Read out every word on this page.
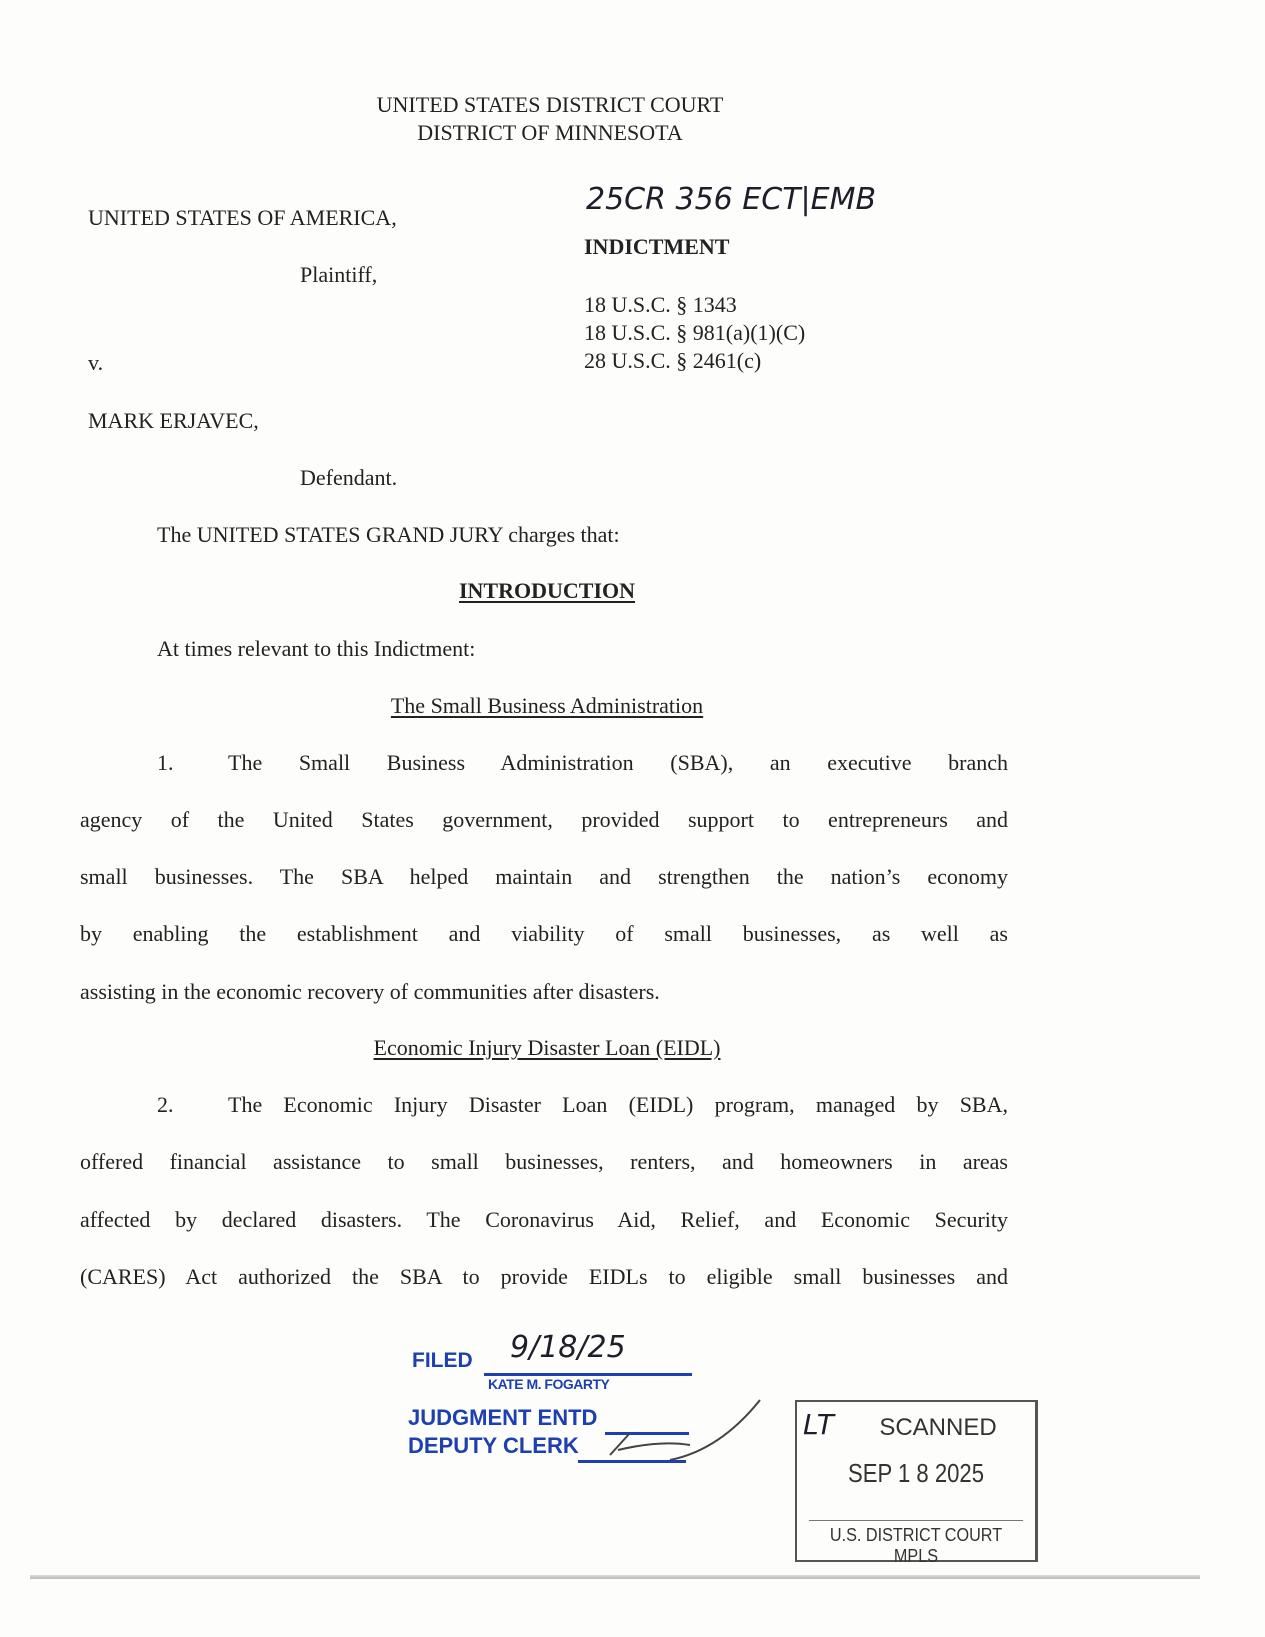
UNITED STATES DISTRICT COURT
DISTRICT OF MINNESOTA
UNITED STATES OF AMERICA,
Plaintiff,
v.
MARK ERJAVEC,
Defendant.
25CR 356 ECT|EMB
INDICTMENT
18 U.S.C. § 1343
18 U.S.C. § 981(a)(1)(C)
28 U.S.C. § 2461(c)
The UNITED STATES GRAND JURY charges that:
INTRODUCTION
At times relevant to this Indictment:
The Small Business Administration
1. The Small Business Administration (SBA), an executive branch
agency of the United States government, provided support to entrepreneurs and
small businesses. The SBA helped maintain and strengthen the nation’s economy
by enabling the establishment and viability of small businesses, as well as
assisting in the economic recovery of communities after disasters.
Economic Injury Disaster Loan (EIDL)
2. The Economic Injury Disaster Loan (EIDL) program, managed by SBA,
offered financial assistance to small businesses, renters, and homeowners in areas
affected by declared disasters. The Coronavirus Aid, Relief, and Economic Security
(CARES) Act authorized the SBA to provide EIDLs to eligible small businesses and
FILED 9/18/25
KATE M. FOGARTY
JUDGMENT ENTD
DEPUTY CLERK
LT	SCANNED
SEP 1 8 2025
U.S. DISTRICT COURT MPLS
